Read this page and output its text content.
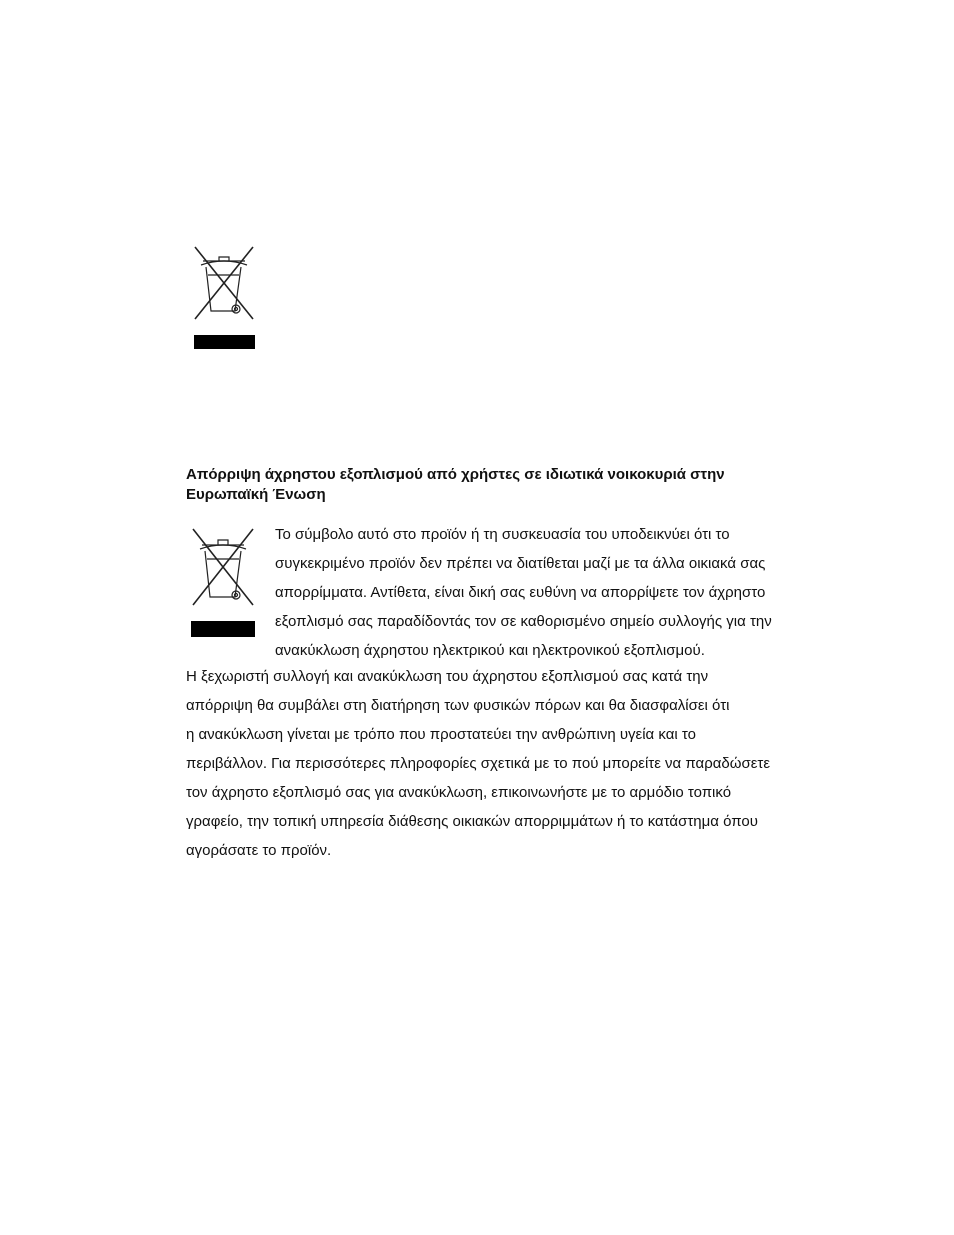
Απόρριψη άχρηστου εξοπλισμού από χρήστες σε ιδιωτικά νοικοκυριά στην
Ευρωπαϊκή Ένωση

Το σύμβολο αυτό στο προϊόν ή τη συσκευασία του υποδεικνύει ότι το
συγκεκριμένο προϊόν δεν πρέπει να διατίθεται μαζί με τα άλλα οικιακά σας
απορρίμματα. Αντίθετα, είναι δική σας ευθύνη να απορρίψετε τον άχρηστο
εξοπλισμό σας παραδίδοντάς τον σε καθορισμένο σημείο συλλογής για την
ανακύκλωση άχρηστου ηλεκτρικού και ηλεκτρονικού εξοπλισμού.

Η ξεχωριστή συλλογή και ανακύκλωση του άχρηστου εξοπλισμού σας κατά την
απόρριψη θα συμβάλει στη διατήρηση των φυσικών πόρων και θα διασφαλίσει ότι
η ανακύκλωση γίνεται με τρόπο που προστατεύει την ανθρώπινη υγεία και το
περιβάλλον. Για περισσότερες πληροφορίες σχετικά με το πού μπορείτε να παραδώσετε
τον άχρηστο εξοπλισμό σας για ανακύκλωση, επικοινωνήστε με το αρμόδιο τοπικό
γραφείο, την τοπική υπηρεσία διάθεσης οικιακών απορριμμάτων ή το κατάστημα όπου
αγοράσατε το προϊόν.
